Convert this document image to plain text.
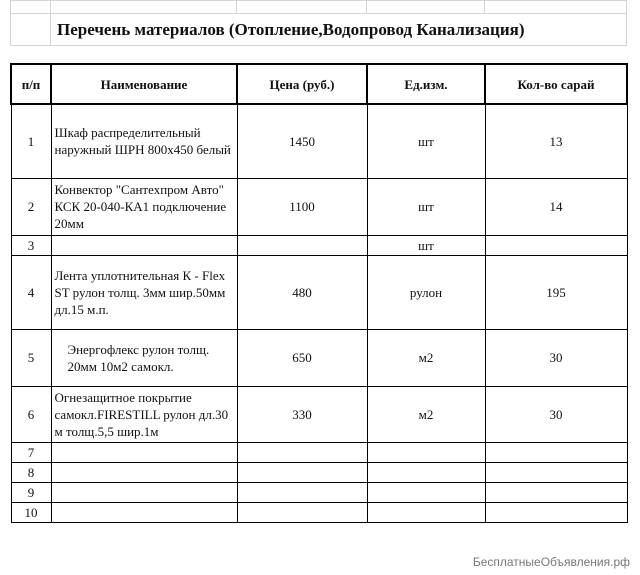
	Перечень материалов (Отопление,Водопровод Канализация)			
п/п	Наименование	Цена (руб.)	Ед.изм.	Кол-во сарай
1	Шкаф распределительный наружный ШРН 800х450 белый	1450	шт	13
2	Конвектор "Сантехпром Авто" КСК 20-040-КА1 подключение 20мм	1100	шт	14
3			шт	
4	Лента уплотнительная К - Flex ST рулон толщ. 3мм шир.50мм дл.15 м.п.	480	рулон	195
5	Энергофлекс рулон толщ. 20мм 10м2 самокл.	650	м2	30
6	Огнезащитное покрытие самокл.FIRESTILL рулон дл.30 м толщ.5,5 шир.1м	330	м2	30
7				
8				
9				
10				
БесплатныеОбъявления.рф
